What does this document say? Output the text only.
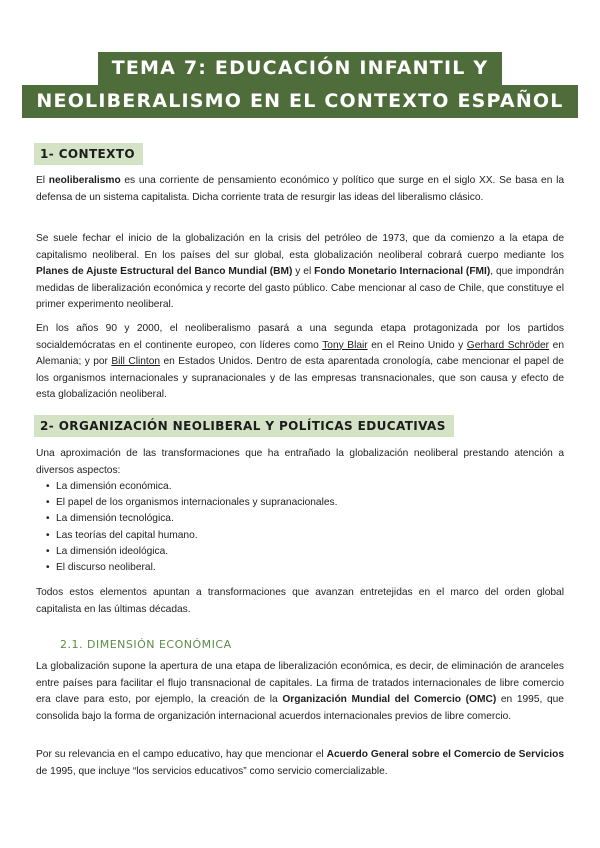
TEMA 7: EDUCACIÓN INFANTIL Y
NEOLIBERALISMO EN EL CONTEXTO ESPAÑOL
1- CONTEXTO

El neoliberalismo es una corriente de pensamiento económico y político que surge en el siglo XX. Se basa en la defensa de un sistema capitalista. Dicha corriente trata de resurgir las ideas del liberalismo clásico.

Se suele fechar el inicio de la globalización en la crisis del petróleo de 1973, que da comienzo a la etapa de capitalismo neoliberal. En los países del sur global, esta globalización neoliberal cobrará cuerpo mediante los Planes de Ajuste Estructural del Banco Mundial (BM) y el Fondo Monetario Internacional (FMI), que impondrán medidas de liberalización económica y recorte del gasto público. Cabe mencionar al caso de Chile, que constituye el primer experimento neoliberal.

En los años 90 y 2000, el neoliberalismo pasará a una segunda etapa protagonizada por los partidos socialdemócratas en el continente europeo, con líderes como Tony Blair en el Reino Unido y Gerhard Schröder en Alemania; y por Bill Clinton en Estados Unidos. Dentro de esta aparentada cronología, cabe mencionar el papel de los organismos internacionales y supranacionales y de las empresas transnacionales, que son causa y efecto de esta globalización neoliberal.

2- ORGANIZACIÓN NEOLIBERAL Y POLÍTICAS EDUCATIVAS

Una aproximación de las transformaciones que ha entrañado la globalización neoliberal prestando atención a diversos aspectos:

• La dimensión económica.
• El papel de los organismos internacionales y supranacionales.
• La dimensión tecnológica.
• Las teorías del capital humano.
• La dimensión ideológica.
• El discurso neoliberal.

Todos estos elementos apuntan a transformaciones que avanzan entretejidas en el marco del orden global capitalista en las últimas décadas.

2.1. DIMENSIÓN ECONÓMICA

La globalización supone la apertura de una etapa de liberalización económica, es decir, de eliminación de aranceles entre países para facilitar el flujo transnacional de capitales. La firma de tratados internacionales de libre comercio era clave para esto, por ejemplo, la creación de la Organización Mundial del Comercio (OMC) en 1995, que consolida bajo la forma de organización internacional acuerdos internacionales previos de libre comercio.

Por su relevancia en el campo educativo, hay que mencionar el Acuerdo General sobre el Comercio de Servicios de 1995, que incluye “los servicios educativos” como servicio comercializable.
